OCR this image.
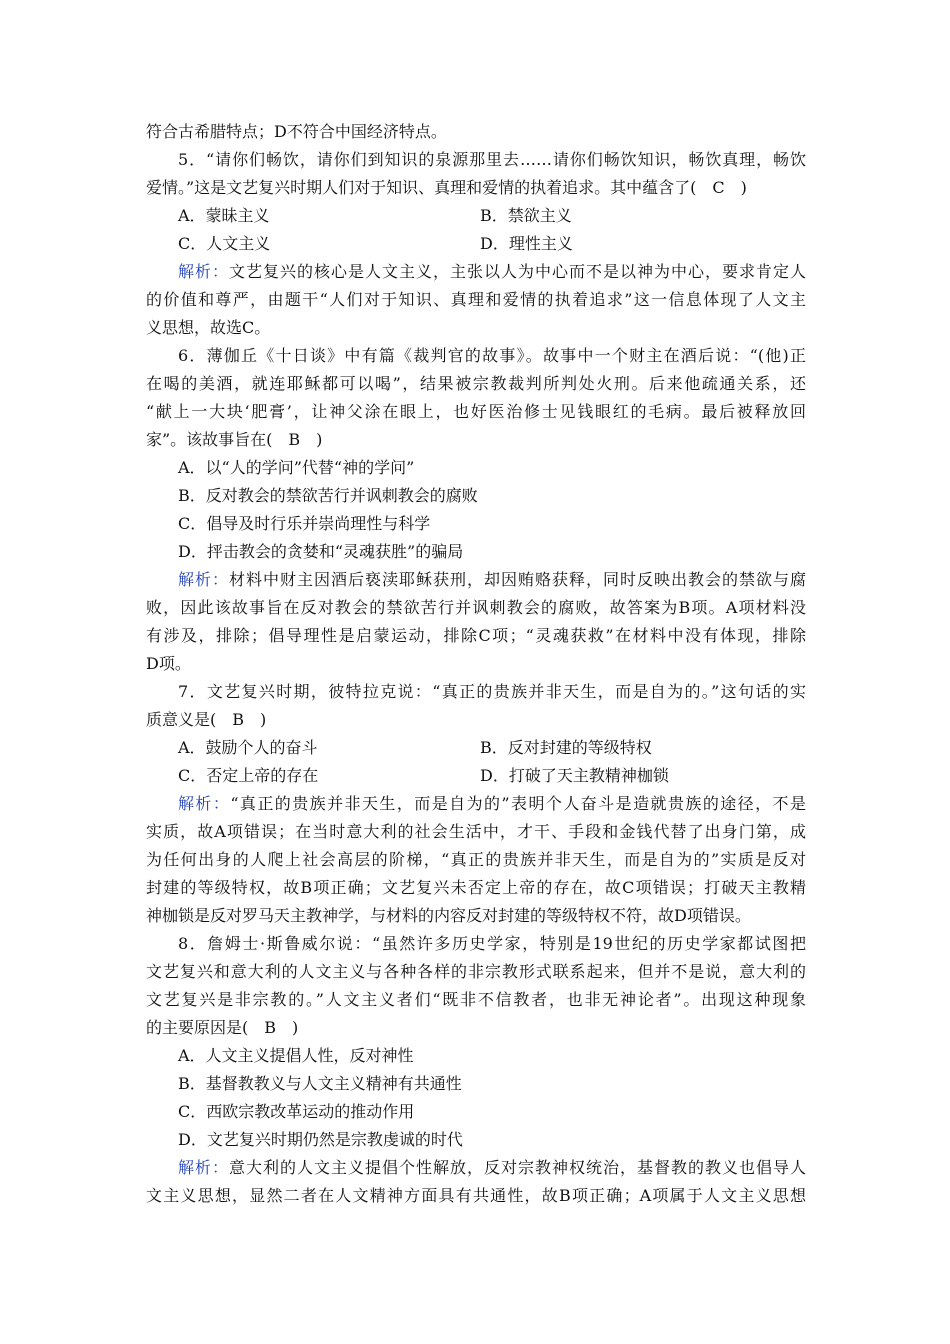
符合古希腊特点；D不符合中国经济特点。
5．“请你们畅饮，请你们到知识的泉源那里去……请你们畅饮知识，畅饮真理，畅饮
爱情。”这是文艺复兴时期人们对于知识、真理和爱情的执着追求。其中蕴含了(　C　)
A．蒙昧主义	B．禁欲主义
C．人文主义	D．理性主义
解析：文艺复兴的核心是人文主义，主张以人为中心而不是以神为中心，要求肯定人
的价值和尊严，由题干“人们对于知识、真理和爱情的执着追求”这一信息体现了人文主
义思想，故选C。
6．薄伽丘《十日谈》中有篇《裁判官的故事》。故事中一个财主在酒后说：“(他)正
在喝的美酒，就连耶稣都可以喝”，结果被宗教裁判所判处火刑。后来他疏通关系，还
“献上一大块‘肥膏’，让神父涂在眼上，也好医治修士见钱眼红的毛病。最后被释放回
家”。该故事旨在(　B　)
A．以“人的学问”代替“神的学问”
B．反对教会的禁欲苦行并讽刺教会的腐败
C．倡导及时行乐并崇尚理性与科学
D．抨击教会的贪婪和“灵魂获胜”的骗局
解析：材料中财主因酒后亵渎耶稣获刑，却因贿赂获释，同时反映出教会的禁欲与腐
败，因此该故事旨在反对教会的禁欲苦行并讽刺教会的腐败，故答案为B项。A项材料没
有涉及，排除；倡导理性是启蒙运动，排除C项；“灵魂获救”在材料中没有体现，排除
D项。
7．文艺复兴时期，彼特拉克说：“真正的贵族并非天生，而是自为的。”这句话的实
质意义是(　B　)
A．鼓励个人的奋斗	B．反对封建的等级特权
C．否定上帝的存在	D．打破了天主教精神枷锁
解析：“真正的贵族并非天生，而是自为的”表明个人奋斗是造就贵族的途径，不是
实质，故A项错误；在当时意大利的社会生活中，才干、手段和金钱代替了出身门第，成
为任何出身的人爬上社会高层的阶梯，“真正的贵族并非天生，而是自为的”实质是反对
封建的等级特权，故B项正确；文艺复兴未否定上帝的存在，故C项错误；打破天主教精
神枷锁是反对罗马天主教神学，与材料的内容反对封建的等级特权不符，故D项错误。
8．詹姆士·斯鲁威尔说：“虽然许多历史学家，特别是19世纪的历史学家都试图把
文艺复兴和意大利的人文主义与各种各样的非宗教形式联系起来，但并不是说，意大利的
文艺复兴是非宗教的。”人文主义者们“既非不信教者，也非无神论者”。出现这种现象
的主要原因是(　B　)
A．人文主义提倡人性，反对神性
B．基督教教义与人文主义精神有共通性
C．西欧宗教改革运动的推动作用
D．文艺复兴时期仍然是宗教虔诚的时代
解析：意大利的人文主义提倡个性解放，反对宗教神权统治，基督教的教义也倡导人
文主义思想，显然二者在人文精神方面具有共通性，故B项正确；A项属于人文主义思想
